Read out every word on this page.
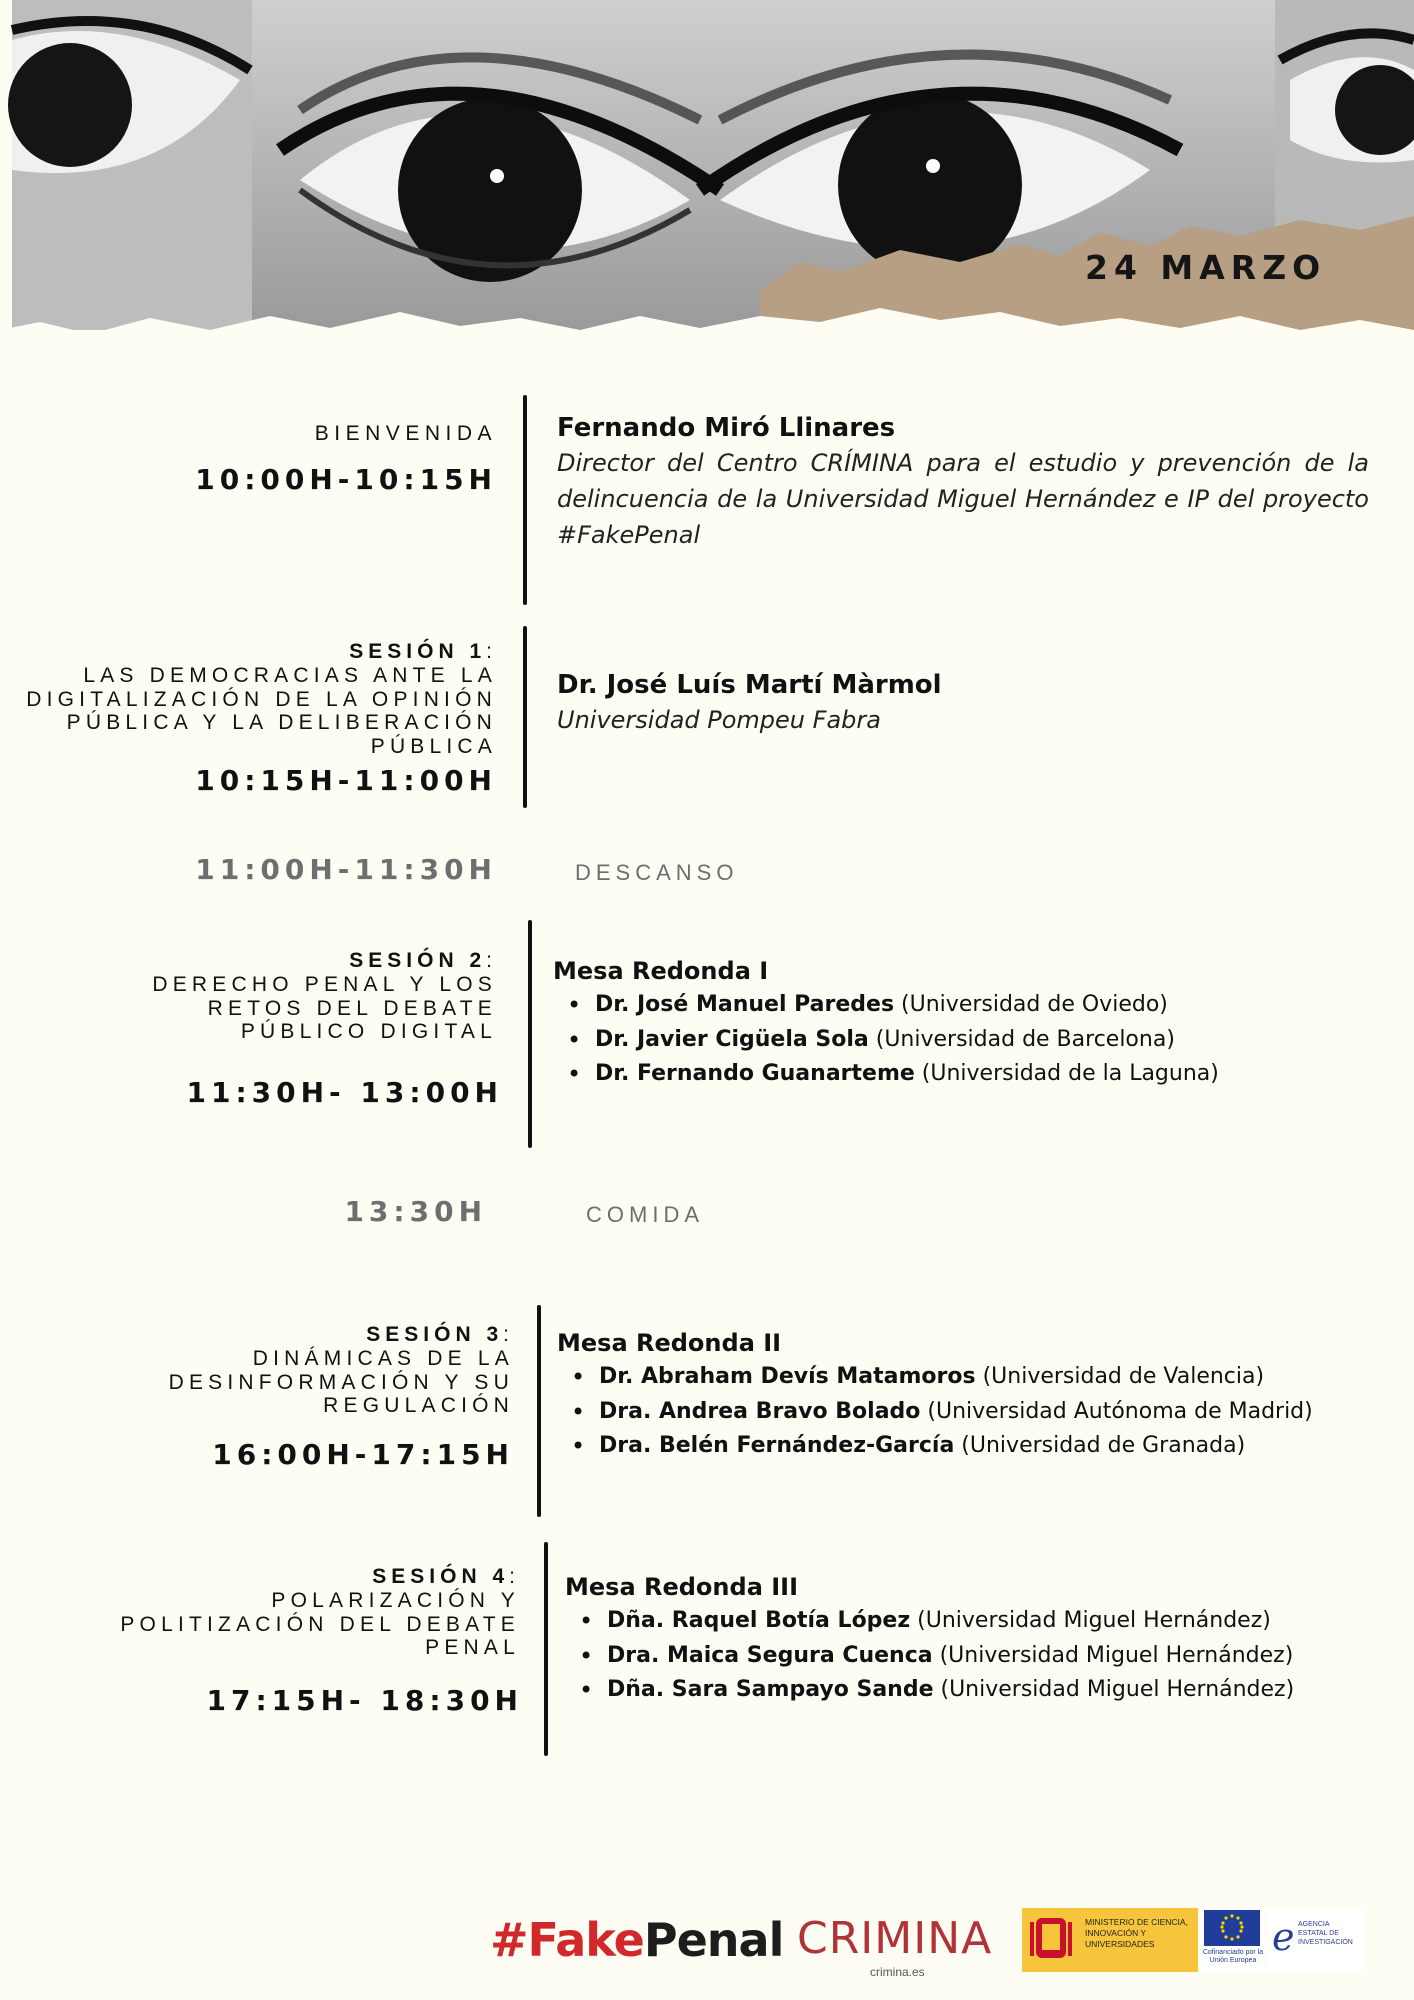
24 MARZO
BIENVENIDA
10:00H-10:15H
Fernando Miró Llinares
Director del Centro CRÍMINA para el estudio y prevención de la delincuencia de la Universidad Miguel Hernández e IP del proyecto #FakePenal
SESIÓN 1:
LAS DEMOCRACIAS ANTE LA DIGITALIZACIÓN DE LA OPINIÓN PÚBLICA Y LA DELIBERACIÓN PÚBLICA
10:15H-11:00H
Dr. José Luís Martí Màrmol
Universidad Pompeu Fabra
11:00H-11:30H	DESCANSO
SESIÓN 2:
DERECHO PENAL Y LOS RETOS DEL DEBATE PÚBLICO DIGITAL
11:30H- 13:00H
Mesa Redonda I
• Dr. José Manuel Paredes (Universidad de Oviedo)
• Dr. Javier Cigüela Sola (Universidad de Barcelona)
• Dr. Fernando Guanarteme (Universidad de la Laguna)
13:30H	COMIDA
SESIÓN 3:
DINÁMICAS DE LA DESINFORMACIÓN Y SU REGULACIÓN
16:00H-17:15H
Mesa Redonda II
• Dr. Abraham Devís Matamoros (Universidad de Valencia)
• Dra. Andrea Bravo Bolado (Universidad Autónoma de Madrid)
• Dra. Belén Fernández-García (Universidad de Granada)
SESIÓN 4:
POLARIZACIÓN Y POLITIZACIÓN DEL DEBATE PENAL
17:15H- 18:30H
Mesa Redonda III
• Dña. Raquel Botía López (Universidad Miguel Hernández)
• Dra. Maica Segura Cuenca (Universidad Miguel Hernández)
• Dña. Sara Sampayo Sande (Universidad Miguel Hernández)
#FakePenal CRIMINA
crimina.es
MINISTERIO DE CIENCIA, INNOVACIÓN Y UNIVERSIDADES
Cofinanciado por la Unión Europea
e AGENCIA ESTATAL DE INVESTIGACIÓN
